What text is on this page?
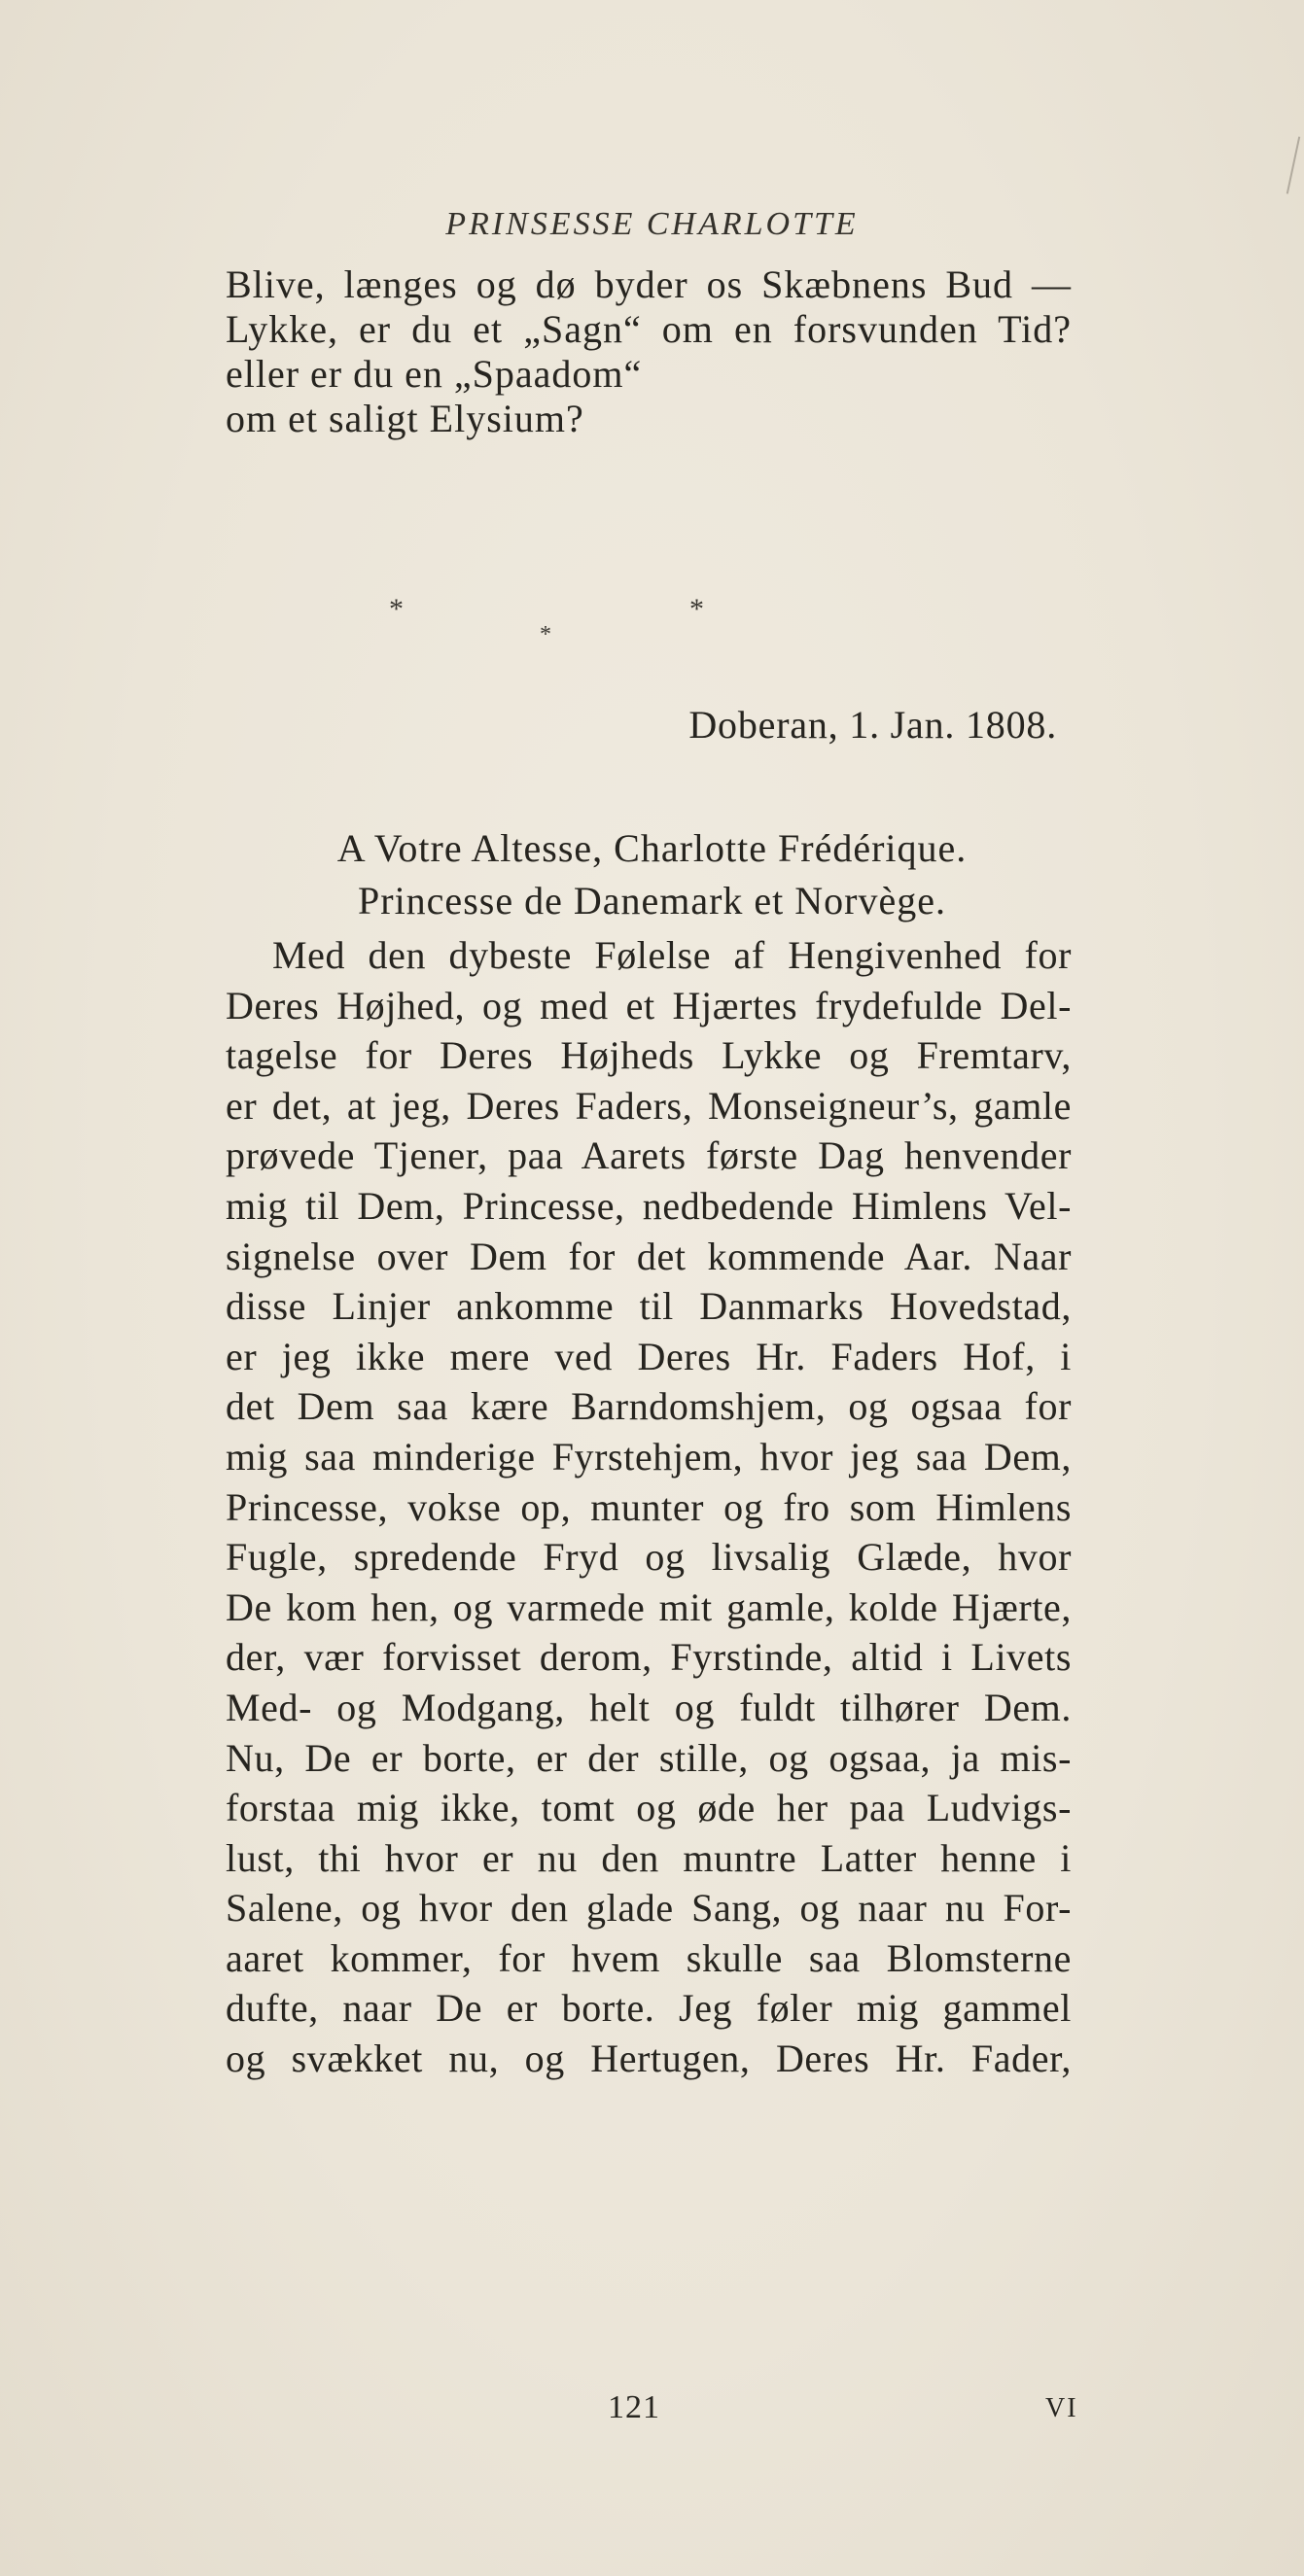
PRINSESSE CHARLOTTE
Blive, længes og dø byder os Skæbnens Bud —
Lykke, er du et „Sagn“ om en forsvunden Tid?
eller er du en „Spaadom“
om et saligt Elysium?
*	*
*
Doberan, 1. Jan. 1808.
A Votre Altesse, Charlotte Frédérique.
Princesse de Danemark et Norvège.
Med den dybeste Følelse af Hengivenhed for
Deres Højhed, og med et Hjærtes frydefulde Del-
tagelse for Deres Højheds Lykke og Fremtarv,
er det, at jeg, Deres Faders, Monseigneur’s, gamle
prøvede Tjener, paa Aarets første Dag henvender
mig til Dem, Princesse, nedbedende Himlens Vel-
signelse over Dem for det kommende Aar. Naar
disse Linjer ankomme til Danmarks Hovedstad,
er jeg ikke mere ved Deres Hr. Faders Hof, i
det Dem saa kære Barndomshjem, og ogsaa for
mig saa minderige Fyrstehjem, hvor jeg saa Dem,
Princesse, vokse op, munter og fro som Himlens
Fugle, spredende Fryd og livsalig Glæde, hvor
De kom hen, og varmede mit gamle, kolde Hjærte,
der, vær forvisset derom, Fyrstinde, altid i Livets
Med- og Modgang, helt og fuldt tilhører Dem.
Nu, De er borte, er der stille, og ogsaa, ja mis-
forstaa mig ikke, tomt og øde her paa Ludvigs-
lust, thi hvor er nu den muntre Latter henne i
Salene, og hvor den glade Sang, og naar nu For-
aaret kommer, for hvem skulle saa Blomsterne
dufte, naar De er borte. Jeg føler mig gammel
og svækket nu, og Hertugen, Deres Hr. Fader,
121	VI
